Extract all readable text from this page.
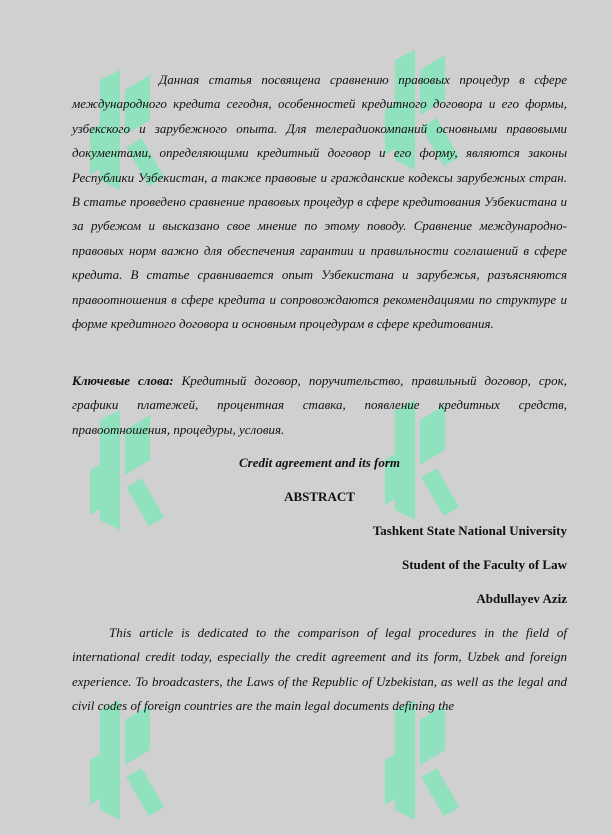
Данная статья посвящена сравнению правовых процедур в сфере международного кредита сегодня, особенностей кредитного договора и его формы, узбекского и зарубежного опыта. Для телерадиокомпаний основными правовыми документами, определяющими кредитный договор и его форму, являются законы Республики Узбекистан, а также правовые и гражданские кодексы зарубежных стран. В статье проведено сравнение правовых процедур в сфере кредитования Узбекистана и за рубежом и высказано свое мнение по этому поводу. Сравнение международно-правовых норм важно для обеспечения гарантии и правильности соглашений в сфере кредита. В статье сравнивается опыт Узбекистана и зарубежья, разъясняются правоотношения в сфере кредита и сопровождаются рекомендациями по структуре и форме кредитного договора и основным процедурам в сфере кредитования.

Ключевые слова: Кредитный договор, поручительство, правильный договор, срок, графики платежей, процентная ставка, появление кредитных средств, правоотношения, процедуры, условия.

Credit agreement and its form
ABSTRACT
Tashkent State National University
Student of the Faculty of Law
Abdullayev Aziz

This article is dedicated to the comparison of legal procedures in the field of international credit today, especially the credit agreement and its form, Uzbek and foreign experience. To broadcasters, the Laws of the Republic of Uzbekistan, as well as the legal and civil codes of foreign countries are the main legal documents defining the
